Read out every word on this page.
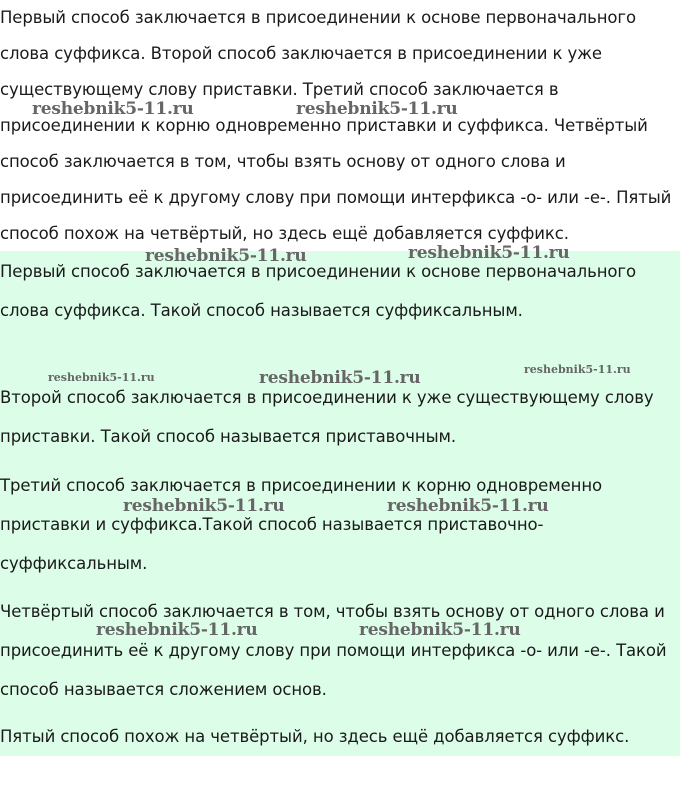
Первый способ заключается в присоединении к основе первоначального слова суффикса. Второй способ заключается в присоединении к уже существующему слову приставки. Третий способ заключается в присоединении к корню одновременно приставки и суффикса. Четвёртый способ заключается в том, чтобы взять основу от одного слова и присоединить её к другому слову при помощи интерфикса -о- или -е-. Пятый способ похож на четвёртый, но здесь ещё добавляется суффикс.

Первый способ заключается в присоединении к основе первоначального слова суффикса. Такой способ называется суффиксальным.

Второй способ заключается в присоединении к уже существующему слову приставки. Такой способ называется приставочным.

Третий способ заключается в присоединении к корню одновременно приставки и суффикса.Такой способ называется приставочно-суффиксальным.

Четвёртый способ заключается в том, чтобы взять основу от одного слова и присоединить её к другому слову при помощи интерфикса -о- или -е-. Такой способ называется сложением основ.

Пятый способ похож на четвёртый, но здесь ещё добавляется суффикс.

reshebnik5-11.ru	reshebnik5-11.ru
reshebnik5-11.ru	reshebnik5-11.ru
reshebnik5-11.ru	reshebnik5-11.ru	reshebnik5-11.ru
reshebnik5-11.ru	reshebnik5-11.ru
reshebnik5-11.ru	reshebnik5-11.ru
